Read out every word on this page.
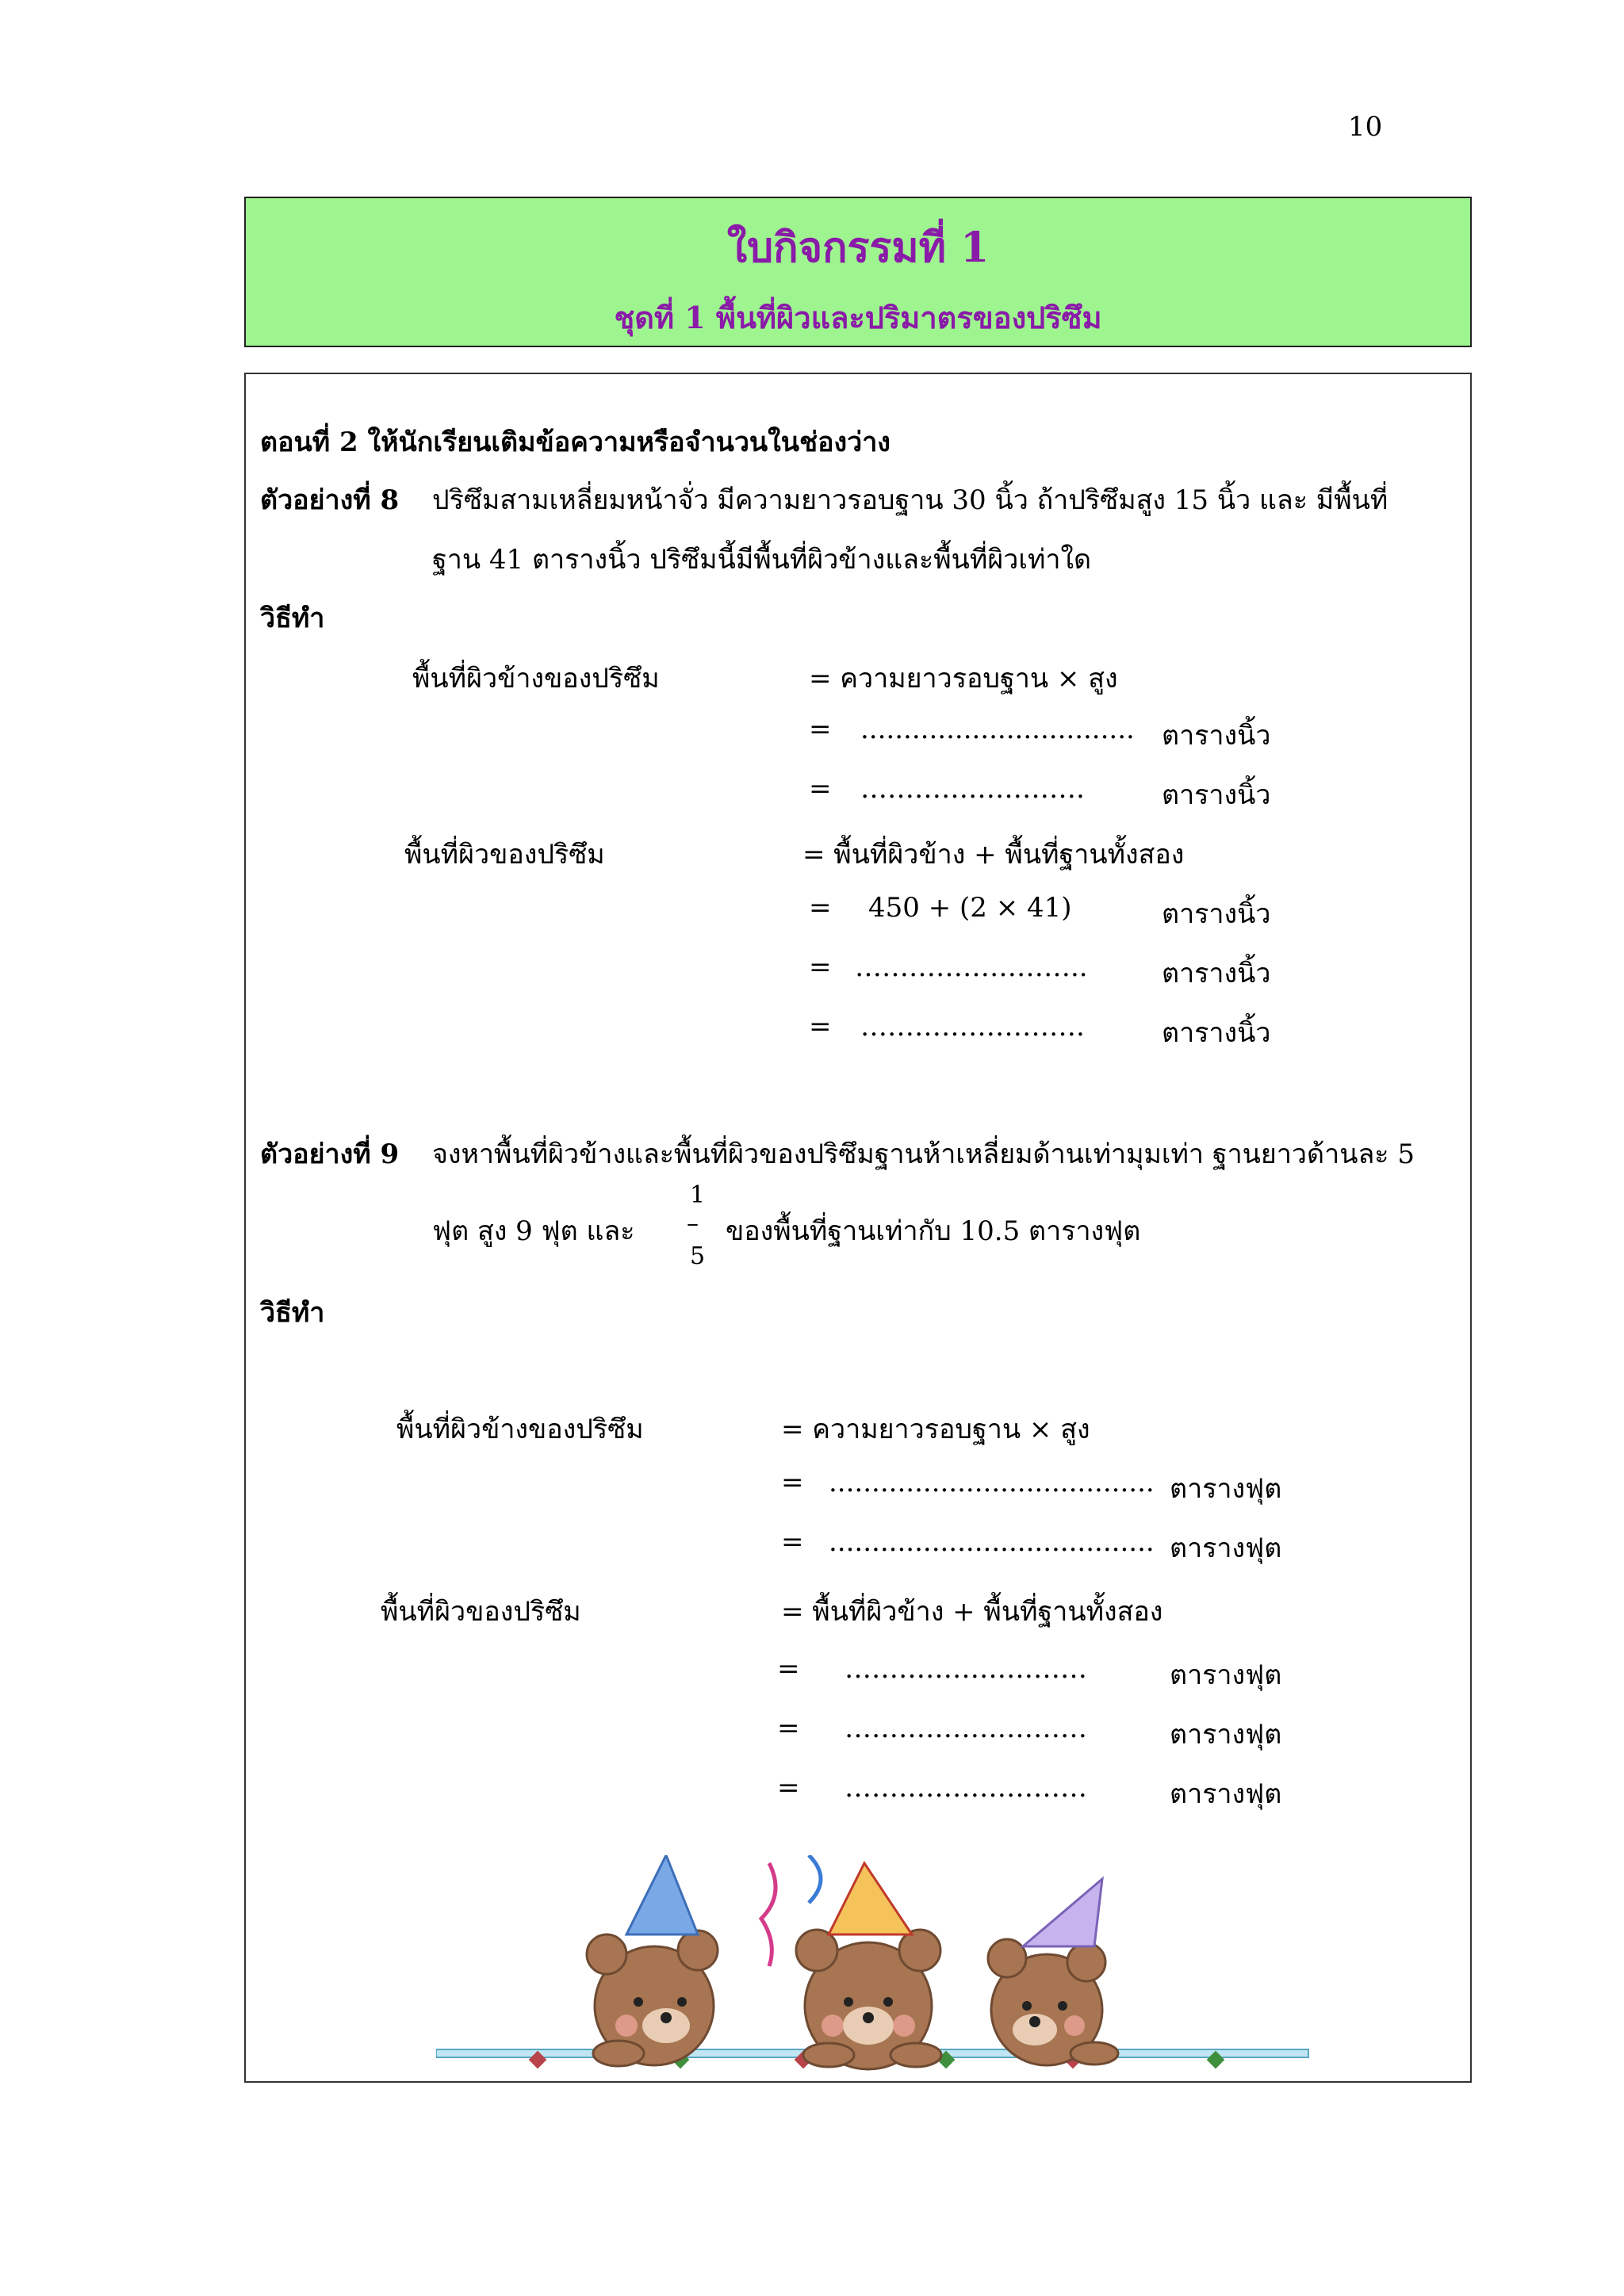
10
ใบกิจกรรมที่ 1
ชุดที่ 1 พื้นที่ผิวและปริมาตรของปริซึม
ตอนที่ 2 ให้นักเรียนเติมข้อความหรือจำนวนในช่องว่าง
ตัวอย่างที่ 8 ปริซึมสามเหลี่ยมหน้าจั่ว มีความยาวรอบฐาน 30 นิ้ว ถ้าปริซึมสูง 15 นิ้ว และ มีพื้นที่
ฐาน 41 ตารางนิ้ว ปริซึมนี้มีพื้นที่ผิวข้างและพื้นที่ผิวเท่าใด
วิธีทำ
พื้นที่ผิวข้างของปริซึม	= ความยาวรอบฐาน × สูง
= ................................ ตารางนิ้ว
= …………………….	ตารางนิ้ว
พื้นที่ผิวของปริซึม	= พื้นที่ผิวข้าง + พื้นที่ฐานทั้งสอง
= 450 + (2 × 41)	ตารางนิ้ว
= ……………………..	ตารางนิ้ว
= …………………….	ตารางนิ้ว
ตัวอย่างที่ 9 จงหาพื้นที่ผิวข้างและพื้นที่ผิวของปริซึมฐานห้าเหลี่ยมด้านเท่ามุมเท่า ฐานยาวด้านละ 5
ฟุต สูง 9 ฟุต และ
1
–
5
ของพื้นที่ฐานเท่ากับ 10.5 ตารางฟุต
วิธีทำ
พื้นที่ผิวข้างของปริซึม	= ความยาวรอบฐาน × สูง
= ...................................... ตารางฟุต
= ...................................... ตารางฟุต
พื้นที่ผิวของปริซึม	= พื้นที่ผิวข้าง + พื้นที่ฐานทั้งสอง
= ………………………	ตารางฟุต
= ………………………	ตารางฟุต
= ………………………	ตารางฟุต
